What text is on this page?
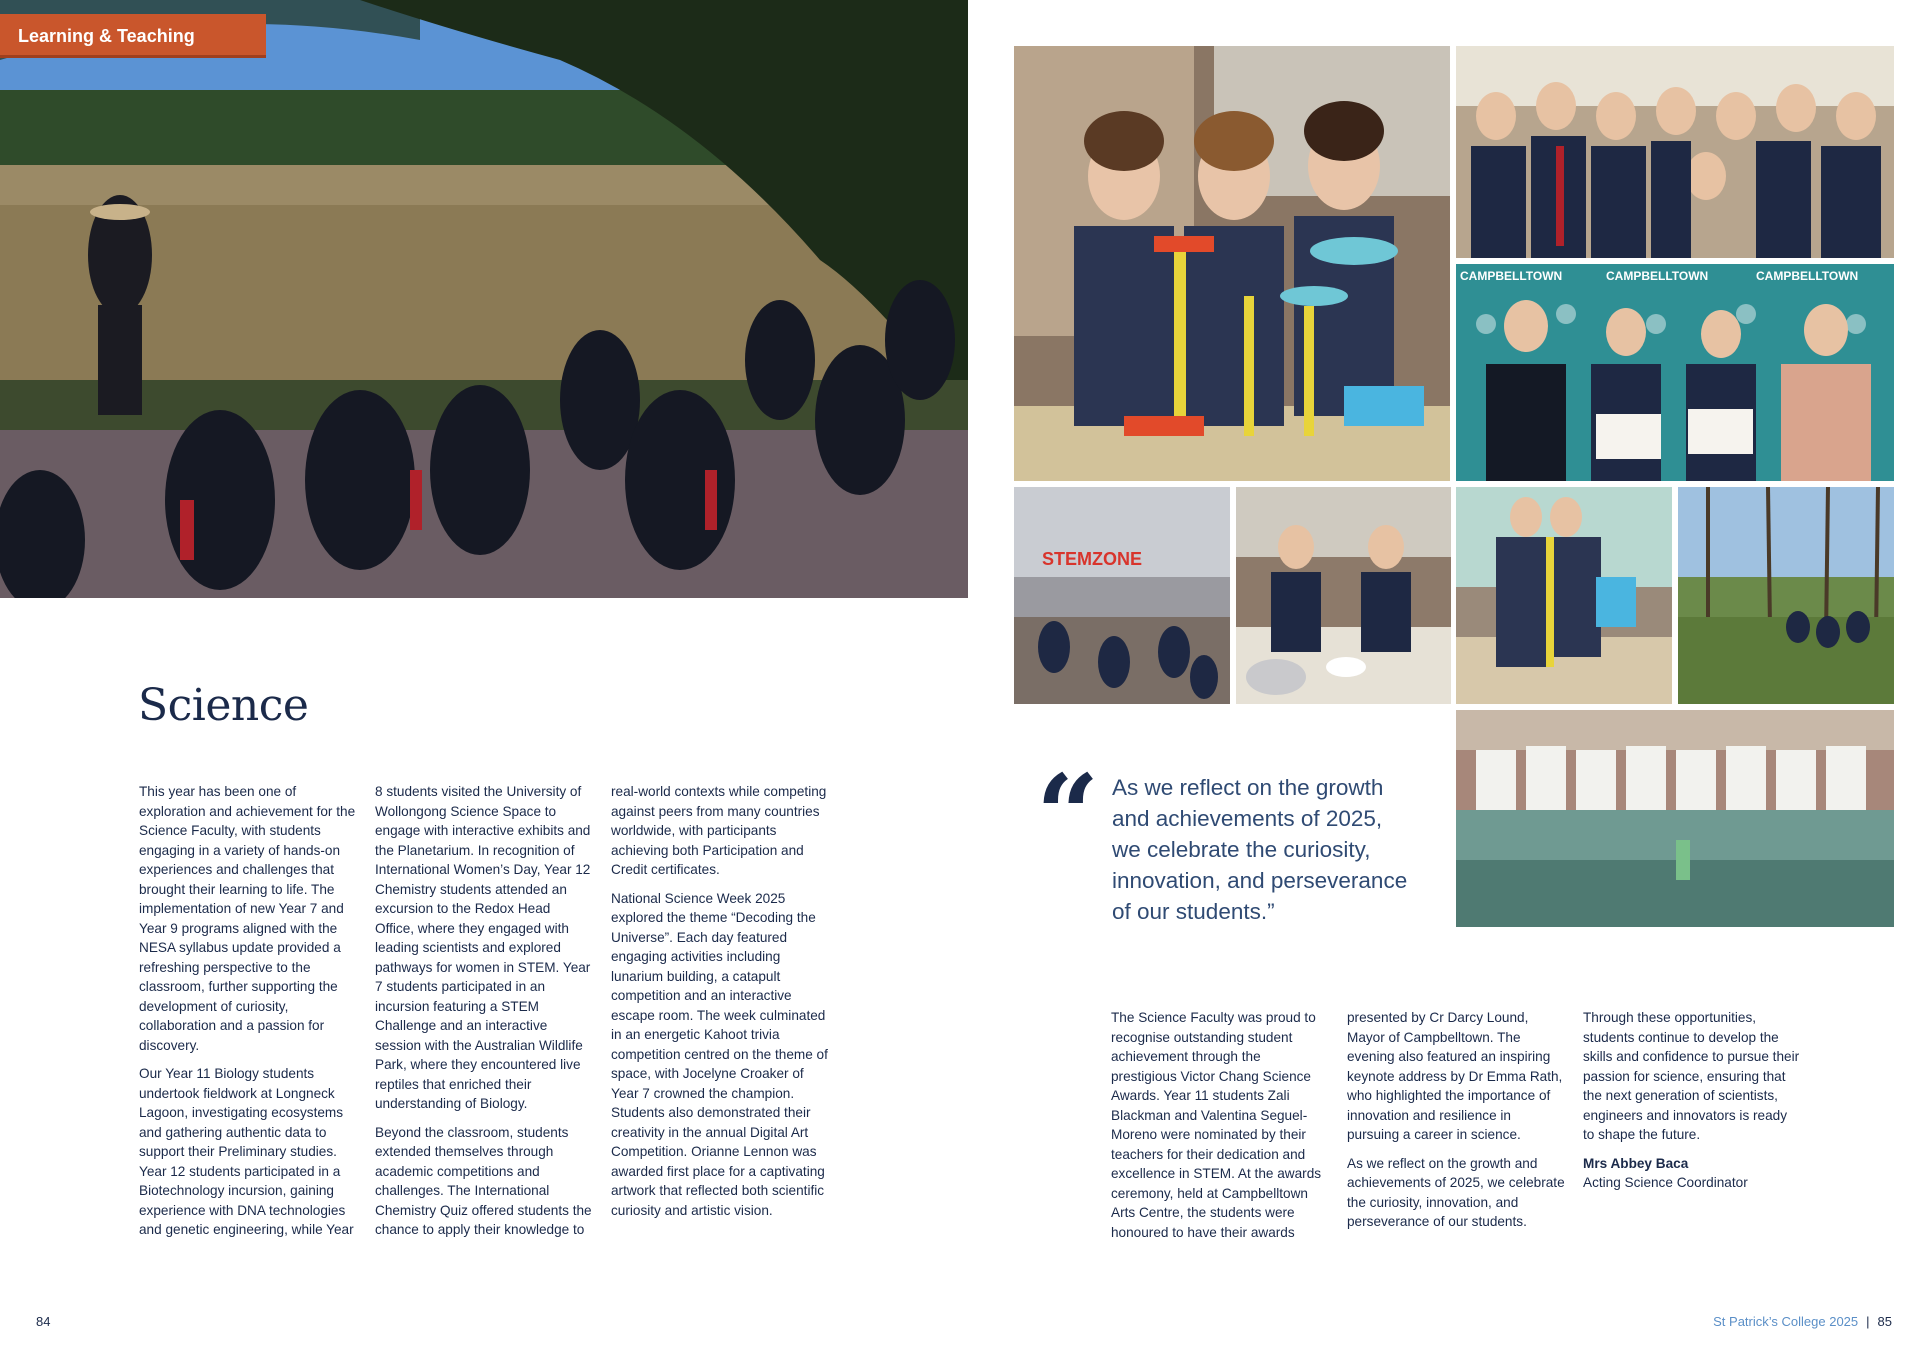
Learning & Teaching
Science

This year has been one of exploration and achievement for the Science Faculty, with students engaging in a variety of hands-on experiences and challenges that brought their learning to life. The implementation of new Year 7 and Year 9 programs aligned with the NESA syllabus update provided a refreshing perspective to the classroom, further supporting the development of curiosity, collaboration and a passion for discovery.

Our Year 11 Biology students undertook fieldwork at Longneck Lagoon, investigating ecosystems and gathering authentic data to support their Preliminary studies. Year 12 students participated in a Biotechnology incursion, gaining experience with DNA technologies and genetic engineering, while Year

8 students visited the University of Wollongong Science Space to engage with interactive exhibits and the Planetarium. In recognition of International Women’s Day, Year 12 Chemistry students attended an excursion to the Redox Head Office, where they engaged with leading scientists and explored pathways for women in STEM. Year 7 students participated in an incursion featuring a STEM Challenge and an interactive session with the Australian Wildlife Park, where they encountered live reptiles that enriched their understanding of Biology.

Beyond the classroom, students extended themselves through academic competitions and challenges. The International Chemistry Quiz offered students the chance to apply their knowledge to

real-world contexts while competing against peers from many countries worldwide, with participants achieving both Participation and Credit certificates.

National Science Week 2025 explored the theme “Decoding the Universe”. Each day featured engaging activities including lunarium building, a catapult competition and an interactive escape room. The week culminated in an energetic Kahoot trivia competition centred on the theme of space, with Jocelyne Croaker of Year 7 crowned the champion. Students also demonstrated their creativity in the annual Digital Art Competition. Orianne Lennon was awarded first place for a captivating artwork that reflected both scientific curiosity and artistic vision.

84
CAMPBELLTOWN	CAMPBELLTOWN	CAMPBELLTOWN
STEMZONE
“ As we reflect on the growth and achievements of 2025, we celebrate the curiosity, innovation, and perseverance of our students.”

The Science Faculty was proud to recognise outstanding student achievement through the prestigious Victor Chang Science Awards. Year 11 students Zali Blackman and Valentina Seguel-Moreno were nominated by their teachers for their dedication and excellence in STEM. At the awards ceremony, held at Campbelltown Arts Centre, the students were honoured to have their awards

presented by Cr Darcy Lound, Mayor of Campbelltown. The evening also featured an inspiring keynote address by Dr Emma Rath, who highlighted the importance of innovation and resilience in pursuing a career in science.

As we reflect on the growth and achievements of 2025, we celebrate the curiosity, innovation, and perseverance of our students.

Through these opportunities, students continue to develop the skills and confidence to pursue their passion for science, ensuring that the next generation of scientists, engineers and innovators is ready to shape the future.

Mrs Abbey Baca
Acting Science Coordinator
St Patrick’s College 2025 | 85
